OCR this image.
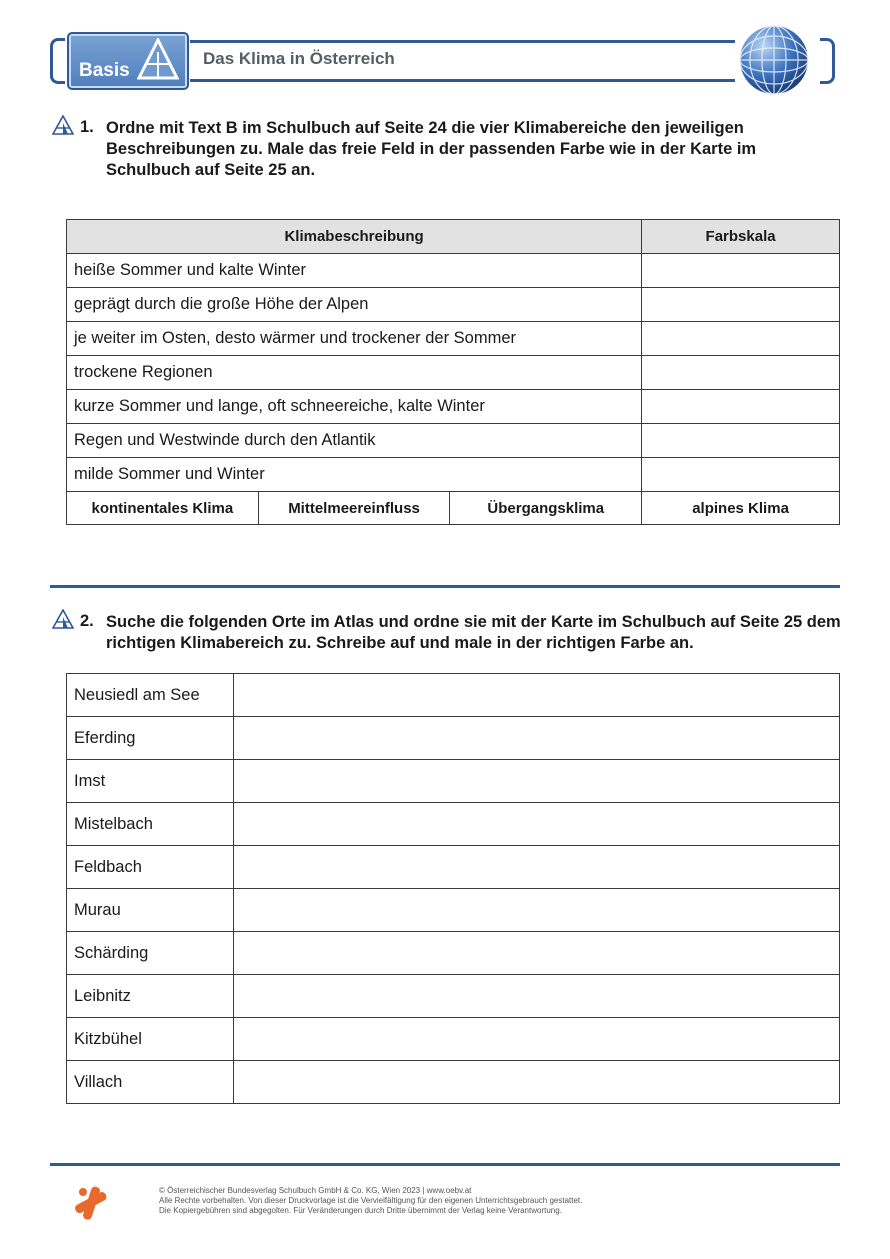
Basis
Das Klima in Österreich
1. Ordne mit Text B im Schulbuch auf Seite 24 die vier Klimabereiche den jeweiligen Beschreibungen zu. Male das freie Feld in der passenden Farbe wie in der Karte im Schulbuch auf Seite 25 an.
Klimabeschreibung			Farbskala
heiße Sommer und kalte Winter			
geprägt durch die große Höhe der Alpen			
je weiter im Osten, desto wärmer und trockener der Sommer			
trockene Regionen			
kurze Sommer und lange, oft schneereiche, kalte Winter			
Regen und Westwinde durch den Atlantik			
milde Sommer und Winter			
kontinentales Klima	Mittelmeereinfluss	Übergangsklima	alpines Klima
2. Suche die folgenden Orte im Atlas und ordne sie mit der Karte im Schulbuch auf Seite 25 dem richtigen Klimabereich zu. Schreibe auf und male in der richtigen Farbe an.
Neusiedl am See	
Eferding	
Imst	
Mistelbach	
Feldbach	
Murau	
Schärding	
Leibnitz	
Kitzbühel	
Villach	
© Österreichischer Bundesverlag Schulbuch GmbH & Co. KG, Wien 2023 | www.oebv.at
Alle Rechte vorbehalten. Von dieser Druckvorlage ist die Vervielfältigung für den eigenen Unterrichtsgebrauch gestattet.
Die Kopiergebühren sind abgegolten. Für Veränderungen durch Dritte übernimmt der Verlag keine Verantwortung.
